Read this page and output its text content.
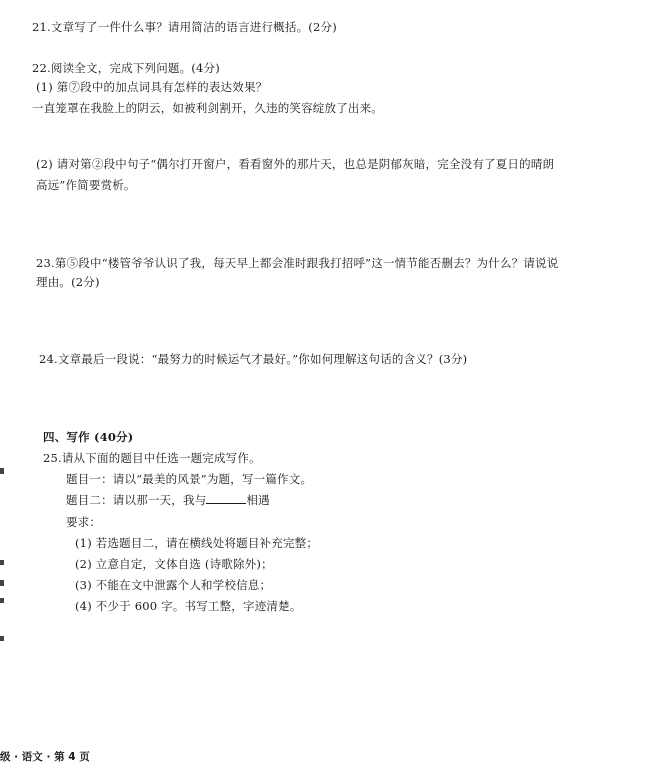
21.文章写了一件什么事？请用简洁的语言进行概括。(2分)
22.阅读全文，完成下列问题。(4分)
(1) 第⑦段中的加点词具有怎样的表达效果？
一直笼罩在我脸上的阴云，如被利剑割开，久违的笑容绽放了出来。
(2) 请对第②段中句子“偶尔打开窗户，看看窗外的那片天，也总是阴郁灰暗，完全没有了夏日的晴朗
高远”作简要赏析。
23.第⑤段中“楼管爷爷认识了我，每天早上都会准时跟我打招呼”这一情节能否删去？为什么？请说说
理由。(2分)
24.文章最后一段说：“最努力的时候运气才最好。”你如何理解这句话的含义？(3分)
四、写作 (40分)
25.请从下面的题目中任选一题完成写作。
题目一：请以“最美的风景”为题，写一篇作文。
题目二：请以那一天，我与	相遇
要求：
(1) 若选题目二，请在横线处将题目补充完整；
(2) 立意自定，文体自选 (诗歌除外)；
(3) 不能在文中泄露个人和学校信息；
(4) 不少于 600 字。书写工整，字迹清楚。
级 · 语文 · 第 4 页
